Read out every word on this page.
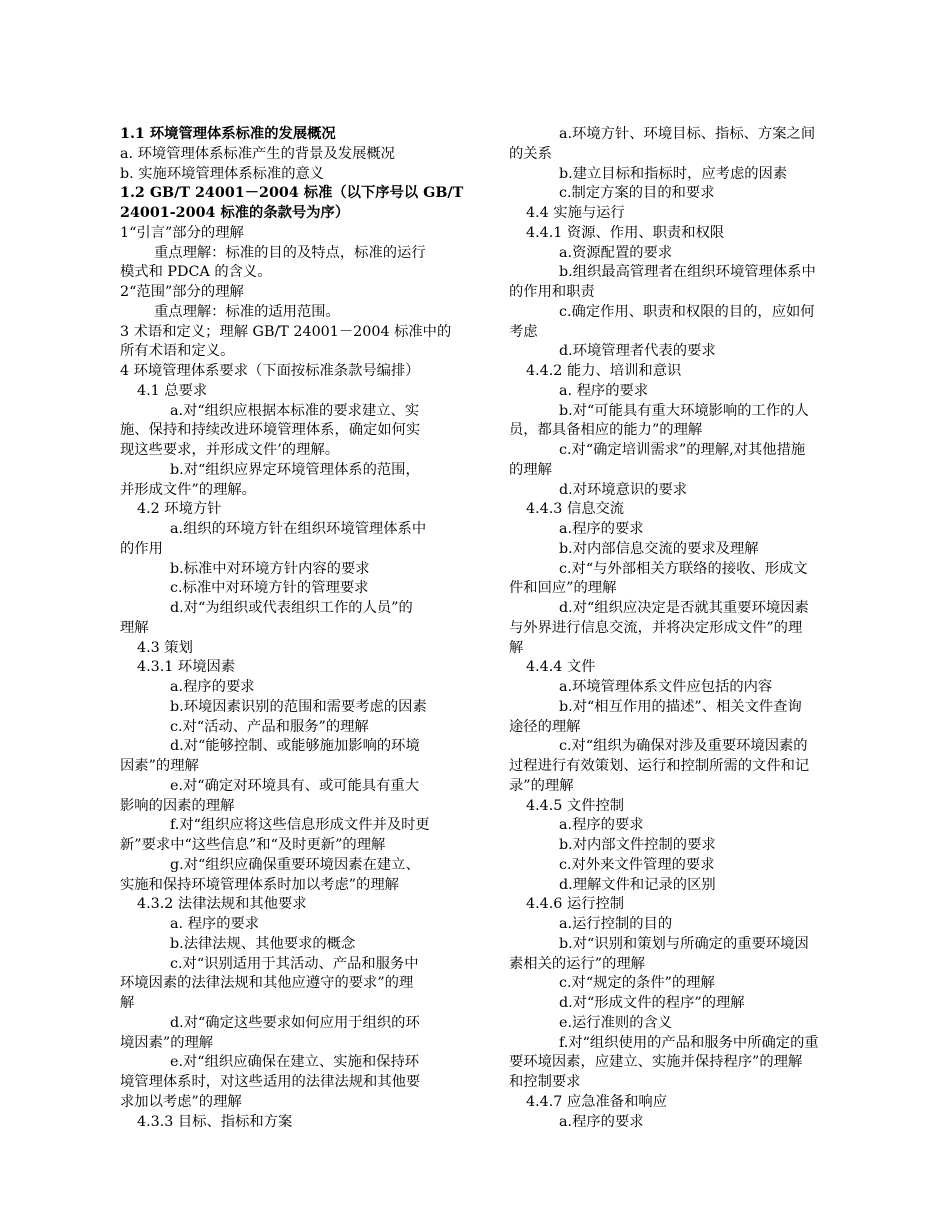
1.1 环境管理体系标准的发展概况
a. 环境管理体系标准产生的背景及发展概况
b. 实施环境管理体系标准的意义
1.2 GB/T 24001－2004 标准（以下序号以 GB/T
24001-2004 标准的条款号为序）
1“引言”部分的理解
重点理解：标准的目的及特点，标准的运行
模式和 PDCA 的含义。
2“范围”部分的理解
重点理解：标准的适用范围。
3 术语和定义；理解 GB/T 24001－2004 标准中的
所有术语和定义。
4 环境管理体系要求（下面按标准条款号编排）
4.1 总要求
a.对“组织应根据本标准的要求建立、实
施、保持和持续改进环境管理体系，确定如何实
现这些要求，并形成文件’的理解。
b.对“组织应界定环境管理体系的范围，
并形成文件”的理解。
4.2 环境方针
a.组织的环境方针在组织环境管理体系中
的作用
b.标准中对环境方针内容的要求
c.标准中对环境方针的管理要求
d.对“为组织或代表组织工作的人员”的
理解
4.3 策划
4.3.1 环境因素
a.程序的要求
b.环境因素识别的范围和需要考虑的因素
c.对“活动、产品和服务”的理解
d.对“能够控制、或能够施加影响的环境
因素”的理解
e.对“确定对环境具有、或可能具有重大
影响的因素的理解
f.对“组织应将这些信息形成文件并及时更
新”要求中“这些信息”和“及时更新”的理解
g.对“组织应确保重要环境因素在建立、
实施和保持环境管理体系时加以考虑”的理解
4.3.2 法律法规和其他要求
a. 程序的要求
b.法律法规、其他要求的概念
c.对“识别适用于其活动、产品和服务中
环境因素的法律法规和其他应遵守的要求”的理
解
d.对“确定这些要求如何应用于组织的环
境因素”的理解
e.对“组织应确保在建立、实施和保持环
境管理体系时，对这些适用的法律法规和其他要
求加以考虑”的理解
4.3.3 目标、指标和方案
a.环境方针、环境目标、指标、方案之间
的关系
b.建立目标和指标时，应考虑的因素
c.制定方案的目的和要求
4.4 实施与运行
4.4.1 资源、作用、职责和权限
a.资源配置的要求
b.组织最高管理者在组织环境管理体系中
的作用和职责
c.确定作用、职责和权限的目的，应如何
考虑
d.环境管理者代表的要求
4.4.2 能力、培训和意识
a. 程序的要求
b.对“可能具有重大环境影响的工作的人
员，都具备相应的能力”的理解
c.对“确定培训需求”的理解,对其他措施
的理解
d.对环境意识的要求
4.4.3 信息交流
a.程序的要求
b.对内部信息交流的要求及理解
c.对“与外部相关方联络的接收、形成文
件和回应”的理解
d.对“组织应决定是否就其重要环境因素
与外界进行信息交流，并将决定形成文件”的理
解
4.4.4 文件
a.环境管理体系文件应包括的内容
b.对“相互作用的描述”、相关文件查询
途径的理解
c.对“组织为确保对涉及重要环境因素的
过程进行有效策划、运行和控制所需的文件和记
录”的理解
4.4.5 文件控制
a.程序的要求
b.对内部文件控制的要求
c.对外来文件管理的要求
d.理解文件和记录的区别
4.4.6 运行控制
a.运行控制的目的
b.对“识别和策划与所确定的重要环境因
素相关的运行”的理解
c.对“规定的条件”的理解
d.对“形成文件的程序”的理解
e.运行准则的含义
f.对“组织使用的产品和服务中所确定的重
要环境因素，应建立、实施并保持程序”的理解
和控制要求
4.4.7 应急准备和响应
a.程序的要求
